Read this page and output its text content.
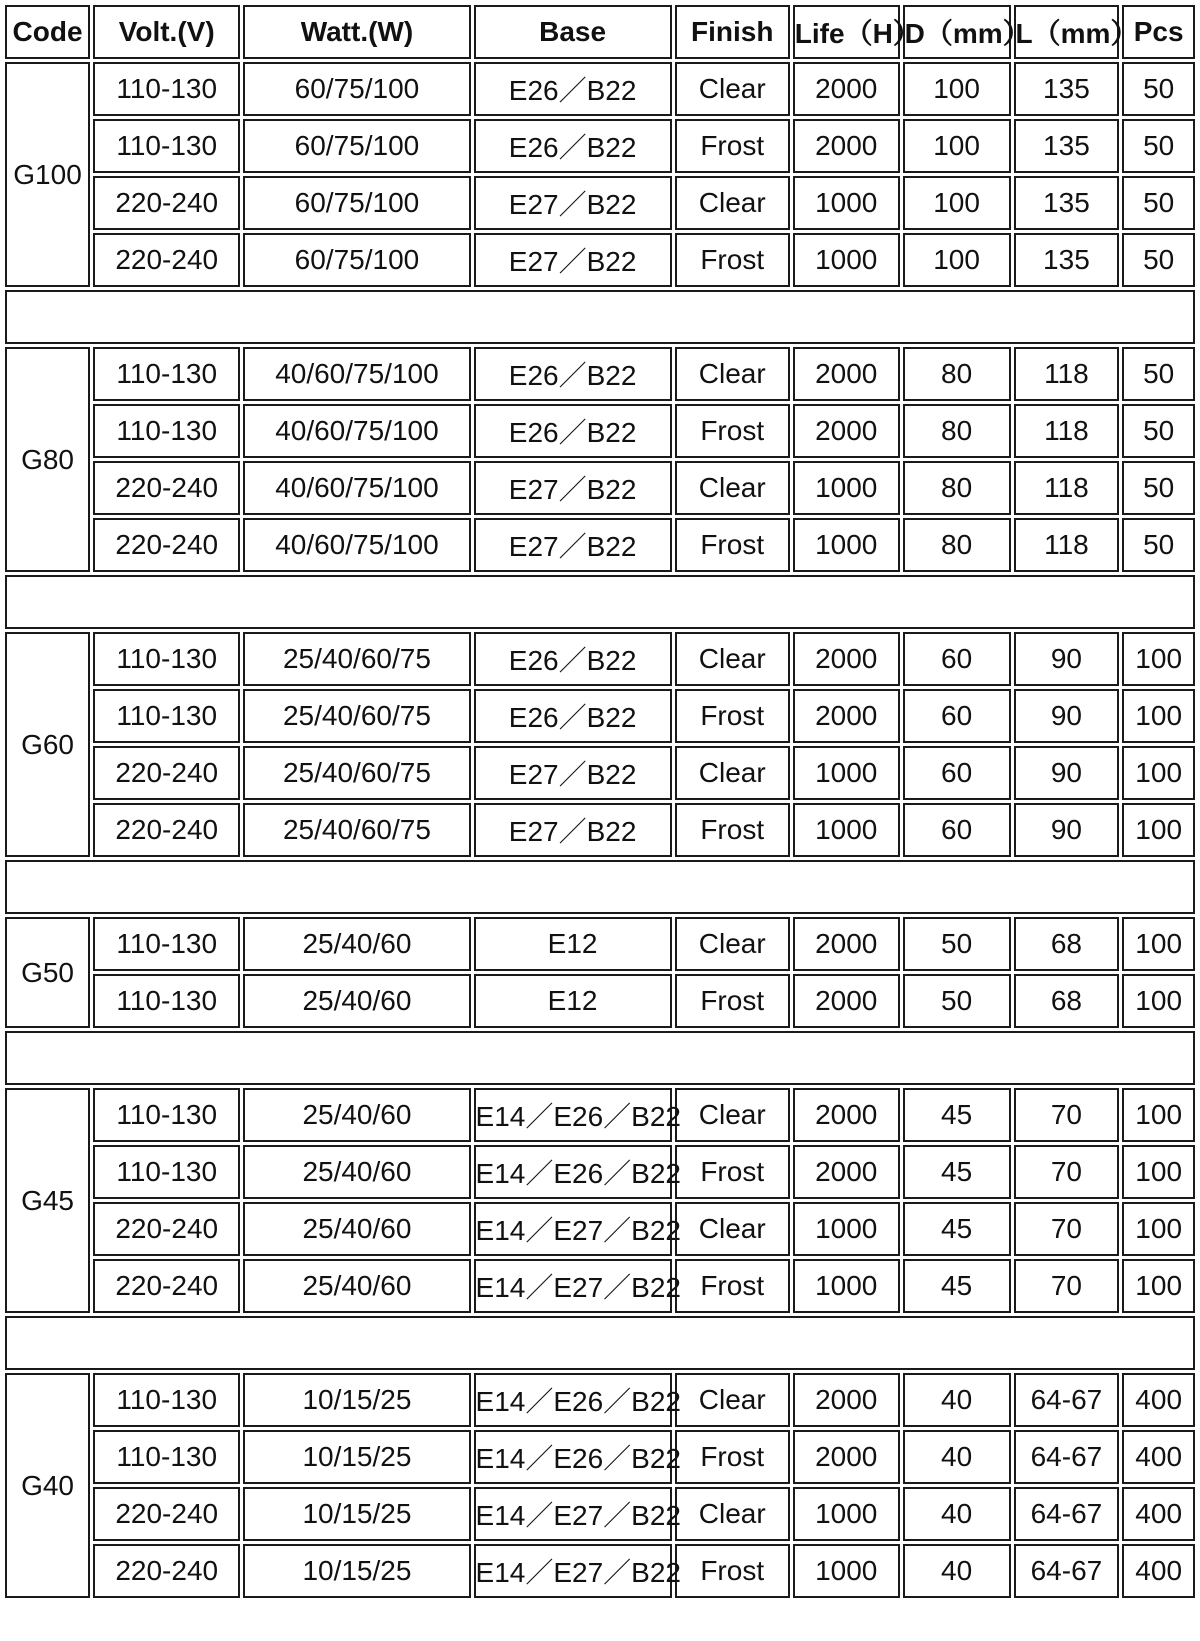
Code	Volt.(V)	Watt.(W)	Base	Finish	Life（H）	D（mm）	L（mm）	Pcs
G100	110-130	60/75/100	E26／B22	Clear	2000	100	135	50
	110-130	60/75/100	E26／B22	Frost	2000	100	135	50
	220-240	60/75/100	E27／B22	Clear	1000	100	135	50
	220-240	60/75/100	E27／B22	Frost	1000	100	135	50

G80	110-130	40/60/75/100	E26／B22	Clear	2000	80	118	50
	110-130	40/60/75/100	E26／B22	Frost	2000	80	118	50
	220-240	40/60/75/100	E27／B22	Clear	1000	80	118	50
	220-240	40/60/75/100	E27／B22	Frost	1000	80	118	50

G60	110-130	25/40/60/75	E26／B22	Clear	2000	60	90	100
	110-130	25/40/60/75	E26／B22	Frost	2000	60	90	100
	220-240	25/40/60/75	E27／B22	Clear	1000	60	90	100
	220-240	25/40/60/75	E27／B22	Frost	1000	60	90	100

G50	110-130	25/40/60	E12	Clear	2000	50	68	100
	110-130	25/40/60	E12	Frost	2000	50	68	100

G45	110-130	25/40/60	E14／E26／B22	Clear	2000	45	70	100
	110-130	25/40/60	E14／E26／B22	Frost	2000	45	70	100
	220-240	25/40/60	E14／E27／B22	Clear	1000	45	70	100
	220-240	25/40/60	E14／E27／B22	Frost	1000	45	70	100

G40	110-130	10/15/25	E14／E26／B22	Clear	2000	40	64-67	400
	110-130	10/15/25	E14／E26／B22	Frost	2000	40	64-67	400
	220-240	10/15/25	E14／E27／B22	Clear	1000	40	64-67	400
	220-240	10/15/25	E14／E27／B22	Frost	1000	40	64-67	400
